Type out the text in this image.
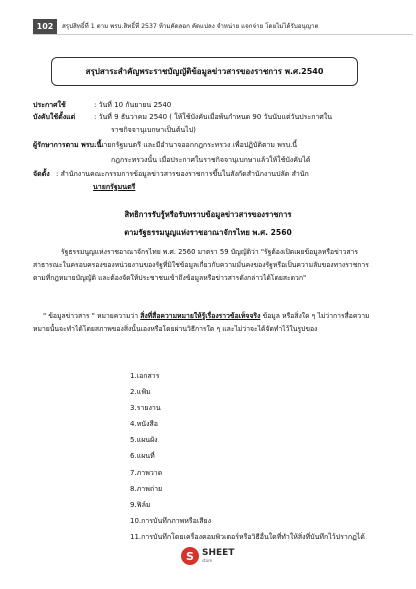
102	สรุปสิทธิ์ที่ 1 ตาม พรบ.สิทธิ์ที่ 2537 ห้ามคัดลอก คัดแปลง จำหน่าย แจกจ่าย โดยไม่ได้รับอนุญาต
สรุปสาระสำคัญพระราชบัญญัติข้อมูลข่าวสารของราชการ พ.ศ.2540
ประกาศใช้	: วันที่ 10 กันยายน 2540
บังคับใช้ตั้งแต่	: วันที่ 9 ธันวาคม 2540 ( ให้ใช้บังคับเมื่อพ้นกำหนด 90 วันนับแต่วันประกาศใน
ราชกิจจานุเบกษาเป็นต้นไป)
ผู้รักษาการตาม พรบ.นี้
: นายกรัฐมนตรี และมีอำนาจออกกฎกระทรวง เพื่อปฏิบัติตาม พรบ.นี้
กฎกระทรวงนั้น เมื่อประกาศในราชกิจจานุเบกษาแล้วให้ใช้บังคับได้
จัดตั้ง : สำนักงานคณะกรรมการข้อมูลข่าวสารของราชการขึ้นในสังกัดสำนักงานปลัด สำนัก
นายกรัฐมนตรี
สิทธิการรับรู้หรือรับทราบข้อมูลข่าวสารของราชการ
ตามรัฐธรรมนูญแห่งราชอาณาจักรไทย พ.ศ. 2560
รัฐธรรมนูญแห่งราชอาณาจักรไทย พ.ศ. 2560 มาตรา 59 บัญญัติว่า "รัฐต้องเปิดเผยข้อมูลหรือข่าวสารสาธารณะในครอบครองของหน่วยงานของรัฐที่มิใช่ข้อมูลเกี่ยวกับความมั่นคงของรัฐหรือเป็นความลับของทางราชการตามที่กฎหมายบัญญัติ และต้องจัดให้ประชาชนเข้าถึงข้อมูลหรือข่าวสารดังกล่าวได้โดยสะดวก"
" ข้อมูลข่าวสาร " หมายความว่า สิ่งที่สื่อความหมายให้รู้เรื่องราวข้อเท็จจริง ข้อมูล หรือสิ่งใด ๆ ไม่ว่าการสื่อความหมายนั้นจะทำได้โดยสภาพของสิ่งนั้นเองหรือโดยผ่านวิธีการใด ๆ และไม่ว่าจะได้จัดทำไว้ในรูปของ
1.เอกสาร
2.แฟ้ม
3.รายงาน
4.หนังสือ
5.แผนผัง
6.แผนที่
7.ภาพวาด
8.ภาพถ่าย
9.ฟิล์ม
10.การบันทึกภาพหรือเสียง
11.การบันทึกโดยเครื่องคอมพิวเตอร์หรือวิธีอื่นใดที่ทำให้สิ่งที่บันทึกไว้ปรากฏได้
S SHEET
store
